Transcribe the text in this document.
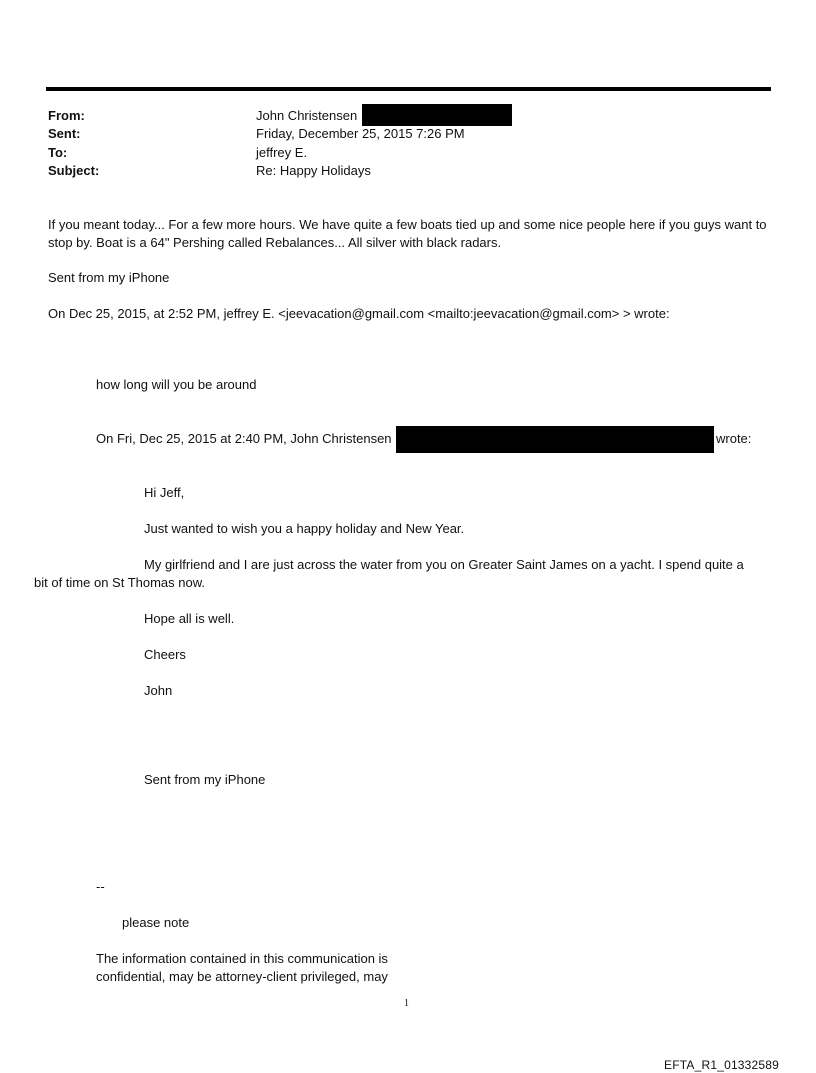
From:	John Christensen
Sent:	Friday, December 25, 2015 7:26 PM
To:	jeffrey E.
Subject:	Re: Happy Holidays
If you meant today... For a few more hours. We have quite a few boats tied up and some nice people here if you guys want to stop by. Boat is a 64" Pershing called Rebalances... All silver with black radars.
Sent from my iPhone
On Dec 25, 2015, at 2:52 PM, jeffrey E. <jeevacation@gmail.com <mailto:jeevacation@gmail.com> > wrote:
how long will you be around
On Fri, Dec 25, 2015 at 2:40 PM, John Christensen	wrote:
Hi Jeff,
Just wanted to wish you a happy holiday and New Year.
My girlfriend and I are just across the water from you on Greater Saint James on a yacht. I spend quite a
bit of time on St Thomas now.
Hope all is well.
Cheers
John
Sent from my iPhone
--
please note
The information contained in this communication is
confidential, may be attorney-client privileged, may
1
EFTA_R1_01332589
